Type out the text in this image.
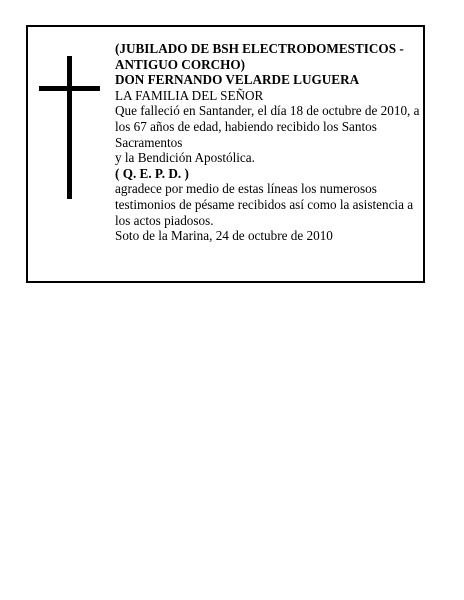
(JUBILADO DE BSH ELECTRODOMESTICOS - ANTIGUO CORCHO)

DON FERNANDO VELARDE LUGUERA

LA FAMILIA DEL SEÑOR

Que falleció en Santander, el día 18 de octubre de 2010, a los 67 años de edad, habiendo recibido los Santos Sacramentos

y la Bendición Apostólica.

( Q. E. P. D. )

agradece por medio de estas líneas los numerosos testimonios de pésame recibidos así como la asistencia a los actos piadosos.

Soto de la Marina, 24 de octubre de 2010
